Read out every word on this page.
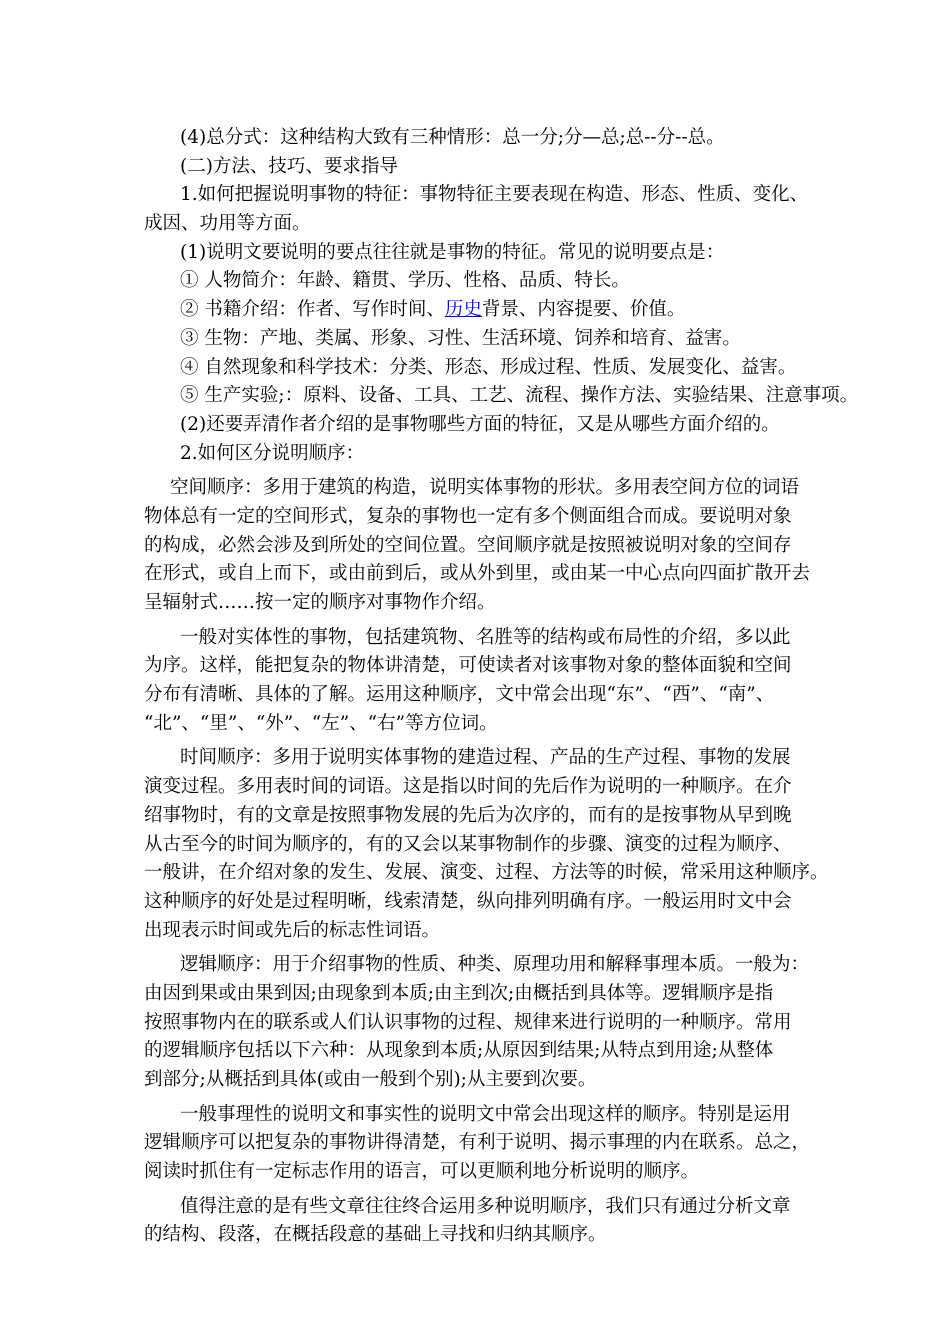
(4)总分式：这种结构大致有三种情形：总一分;分—总;总--分--总。
(二)方法、技巧、要求指导
1.如何把握说明事物的特征：事物特征主要表现在构造、形态、性质、变化、
成因、功用等方面。
(1)说明文要说明的要点往往就是事物的特征。常见的说明要点是：
① 人物简介：年龄、籍贯、学历、性格、品质、特长。
② 书籍介绍：作者、写作时间、历史背景、内容提要、价值。
③ 生物：产地、类属、形象、习性、生活环境、饲养和培育、益害。
④ 自然现象和科学技术：分类、形态、形成过程、性质、发展变化、益害。
⑤ 生产实验;：原料、设备、工具、工艺、流程、操作方法、实验结果、注意事项。
(2)还要弄清作者介绍的是事物哪些方面的特征，又是从哪些方面介绍的。
2.如何区分说明顺序：
空间顺序：多用于建筑的构造，说明实体事物的形状。多用表空间方位的词语
物体总有一定的空间形式，复杂的事物也一定有多个侧面组合而成。要说明对象
的构成，必然会涉及到所处的空间位置。空间顺序就是按照被说明对象的空间存
在形式，或自上而下，或由前到后，或从外到里，或由某一中心点向四面扩散开去
呈辐射式……按一定的顺序对事物作介绍。
一般对实体性的事物，包括建筑物、名胜等的结构或布局性的介绍，多以此
为序。这样，能把复杂的物体讲清楚，可使读者对该事物对象的整体面貌和空间
分布有清晰、具体的了解。运用这种顺序，文中常会出现“东”、“西”、“南”、
“北”、“里”、“外”、“左”、“右”等方位词。
时间顺序：多用于说明实体事物的建造过程、产品的生产过程、事物的发展
演变过程。多用表时间的词语。这是指以时间的先后作为说明的一种顺序。在介
绍事物时，有的文章是按照事物发展的先后为次序的，而有的是按事物从早到晚
从古至今的时间为顺序的，有的又会以某事物制作的步骤、演变的过程为顺序、
一般讲，在介绍对象的发生、发展、演变、过程、方法等的时候，常采用这种顺序。
这种顺序的好处是过程明晰，线索清楚，纵向排列明确有序。一般运用时文中会
出现表示时间或先后的标志性词语。
逻辑顺序：用于介绍事物的性质、种类、原理功用和解释事理本质。一般为：
由因到果或由果到因;由现象到本质;由主到次;由概括到具体等。逻辑顺序是指
按照事物内在的联系或人们认识事物的过程、规律来进行说明的一种顺序。常用
的逻辑顺序包括以下六种：从现象到本质;从原因到结果;从特点到用途;从整体
到部分;从概括到具体(或由一般到个别);从主要到次要。
一般事理性的说明文和事实性的说明文中常会出现这样的顺序。特别是运用
逻辑顺序可以把复杂的事物讲得清楚，有利于说明、揭示事理的内在联系。总之，
阅读时抓住有一定标志作用的语言，可以更顺利地分析说明的顺序。
值得注意的是有些文章往往终合运用多种说明顺序，我们只有通过分析文章
的结构、段落，在概括段意的基础上寻找和归纳其顺序。
